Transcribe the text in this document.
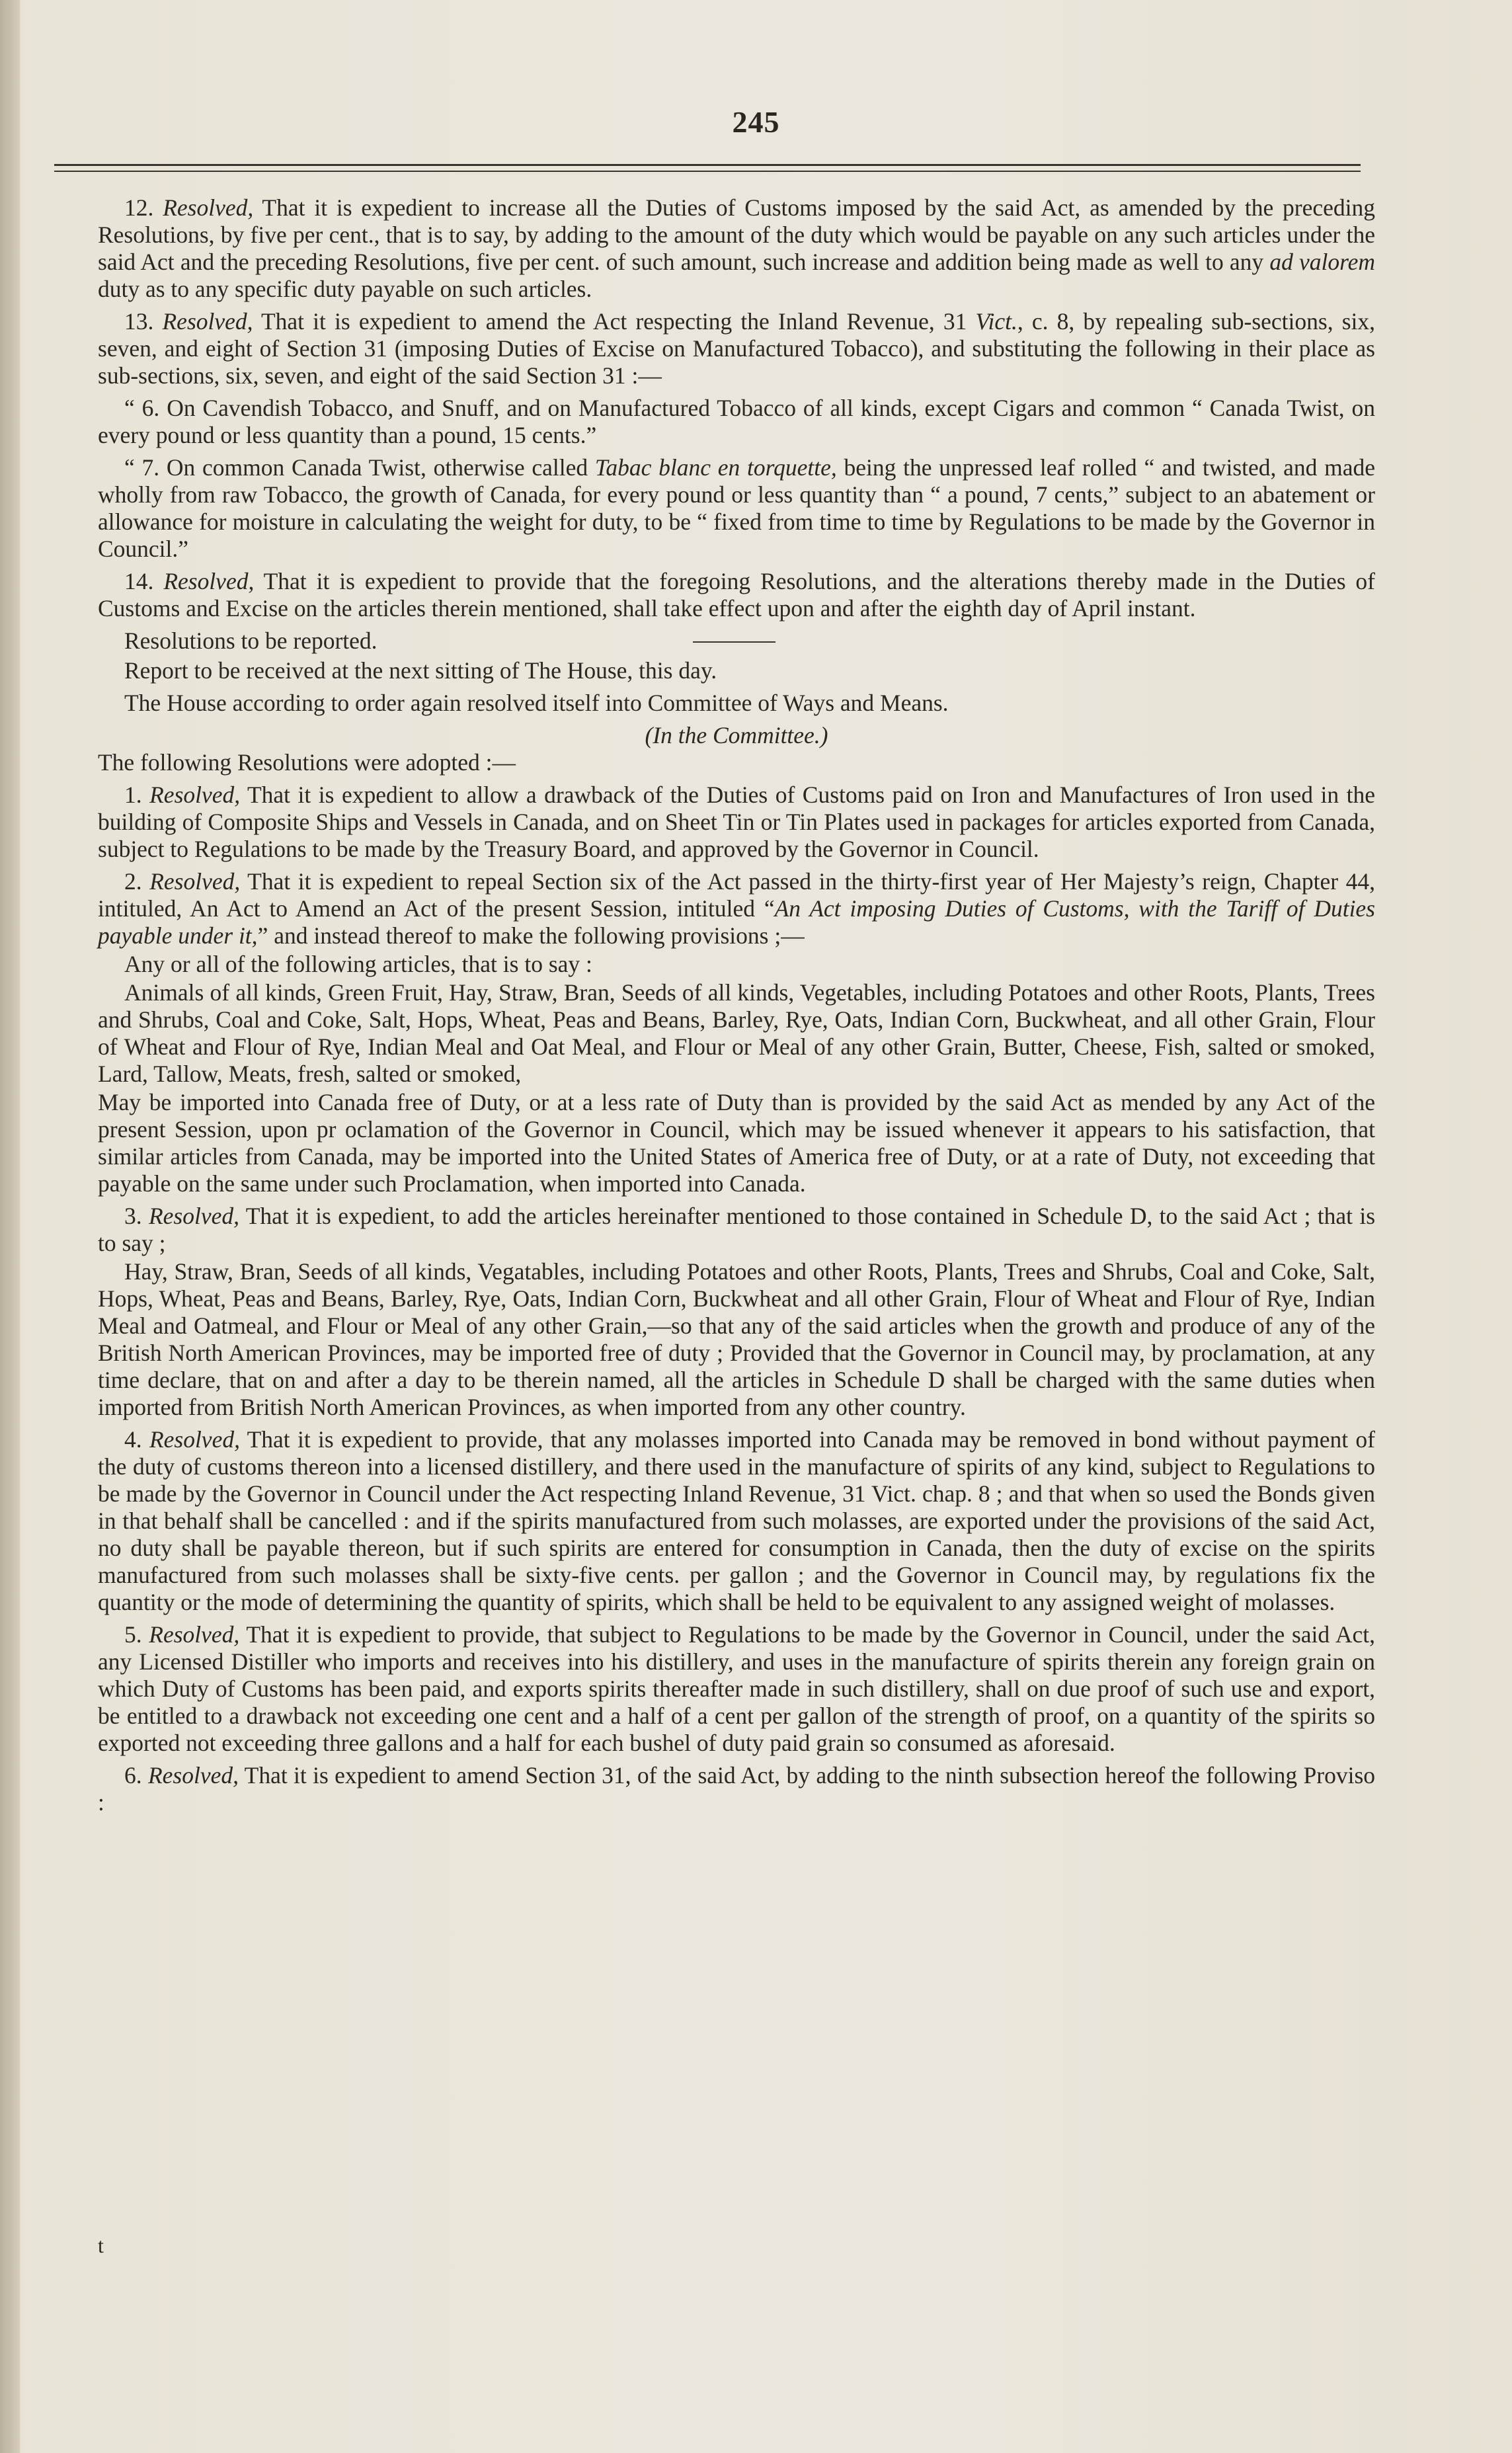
245

12. Resolved, That it is expedient to increase all the Duties of Customs imposed by the said Act, as amended by the preceding Resolutions, by five per cent., that is to say, by adding to the amount of the duty which would be payable on any such articles under the said Act and the preceding Resolutions, five per cent. of such amount, such increase and addition being made as well to any ad valorem duty as to any specific duty payable on such articles.

13. Resolved, That it is expedient to amend the Act respecting the Inland Revenue, 31 Vict., c. 8, by repealing sub-sections, six, seven, and eight of Section 31 (imposing Duties of Excise on Manufactured Tobacco), and substituting the following in their place as sub-sections, six, seven, and eight of the said Section 31 :—

“ 6. On Cavendish Tobacco, and Snuff, and on Manufactured Tobacco of all kinds, except Cigars and common “ Canada Twist, on every pound or less quantity than a pound, 15 cents.”

“ 7. On common Canada Twist, otherwise called Tabac blanc en torquette, being the unpressed leaf rolled “ and twisted, and made wholly from raw Tobacco, the growth of Canada, for every pound or less quantity than “ a pound, 7 cents,” subject to an abatement or allowance for moisture in calculating the weight for duty, to be “ fixed from time to time by Regulations to be made by the Governor in Council.”

14. Resolved, That it is expedient to provide that the foregoing Resolutions, and the alterations thereby made in the Duties of Customs and Excise on the articles therein mentioned, shall take effect upon and after the eighth day of April instant.

Resolutions to be reported.

Report to be received at the next sitting of The House, this day.

The House according to order again resolved itself into Committee of Ways and Means.

(In the Committee.)

The following Resolutions were adopted :—

1. Resolved, That it is expedient to allow a drawback of the Duties of Customs paid on Iron and Manufactures of Iron used in the building of Composite Ships and Vessels in Canada, and on Sheet Tin or Tin Plates used in packages for articles exported from Canada, subject to Regulations to be made by the Treasury Board, and approved by the Governor in Council.

2. Resolved, That it is expedient to repeal Section six of the Act passed in the thirty-first year of Her Majesty’s reign, Chapter 44, intituled, An Act to Amend an Act of the present Session, intituled “An Act imposing Duties of Customs, with the Tariff of Duties payable under it,” and instead thereof to make the following provisions ;—

Any or all of the following articles, that is to say :

Animals of all kinds, Green Fruit, Hay, Straw, Bran, Seeds of all kinds, Vegetables, including Potatoes and other Roots, Plants, Trees and Shrubs, Coal and Coke, Salt, Hops, Wheat, Peas and Beans, Barley, Rye, Oats, Indian Corn, Buckwheat, and all other Grain, Flour of Wheat and Flour of Rye, Indian Meal and Oat Meal, and Flour or Meal of any other Grain, Butter, Cheese, Fish, salted or smoked, Lard, Tallow, Meats, fresh, salted or smoked,

May be imported into Canada free of Duty, or at a less rate of Duty than is provided by the said Act as mended by any Act of the present Session, upon pr oclamation of the Governor in Council, which may be issued whenever it appears to his satisfaction, that similar articles from Canada, may be imported into the United States of America free of Duty, or at a rate of Duty, not exceeding that payable on the same under such Proclamation, when imported into Canada.

3. Resolved, That it is expedient, to add the articles hereinafter mentioned to those contained in Schedule D, to the said Act ; that is to say ;

Hay, Straw, Bran, Seeds of all kinds, Vegatables, including Potatoes and other Roots, Plants, Trees and Shrubs, Coal and Coke, Salt, Hops, Wheat, Peas and Beans, Barley, Rye, Oats, Indian Corn, Buckwheat and all other Grain, Flour of Wheat and Flour of Rye, Indian Meal and Oatmeal, and Flour or Meal of any other Grain,—so that any of the said articles when the growth and produce of any of the British North American Provinces, may be imported free of duty ; Provided that the Governor in Council may, by proclamation, at any time declare, that on and after a day to be therein named, all the articles in Schedule D shall be charged with the same duties when imported from British North American Provinces, as when imported from any other country.

4. Resolved, That it is expedient to provide, that any molasses imported into Canada may be removed in bond without payment of the duty of customs thereon into a licensed distillery, and there used in the manufacture of spirits of any kind, subject to Regulations to be made by the Governor in Council under the Act respecting Inland Revenue, 31 Vict. chap. 8 ; and that when so used the Bonds given in that behalf shall be cancelled : and if the spirits manufactured from such molasses, are exported under the provisions of the said Act, no duty shall be payable thereon, but if such spirits are entered for consumption in Canada, then the duty of excise on the spirits manufactured from such molasses shall be sixty-five cents. per gallon ; and the Governor in Council may, by regulations fix the quantity or the mode of determining the quantity of spirits, which shall be held to be equivalent to any assigned weight of molasses.

5. Resolved, That it is expedient to provide, that subject to Regulations to be made by the Governor in Council, under the said Act, any Licensed Distiller who imports and receives into his distillery, and uses in the manufacture of spirits therein any foreign grain on which Duty of Customs has been paid, and exports spirits thereafter made in such distillery, shall on due proof of such use and export, be entitled to a drawback not exceeding one cent and a half of a cent per gallon of the strength of proof, on a quantity of the spirits so exported not exceeding three gallons and a half for each bushel of duty paid grain so consumed as aforesaid.

6. Resolved, That it is expedient to amend Section 31, of the said Act, by adding to the ninth subsection hereof the following Proviso :

t
